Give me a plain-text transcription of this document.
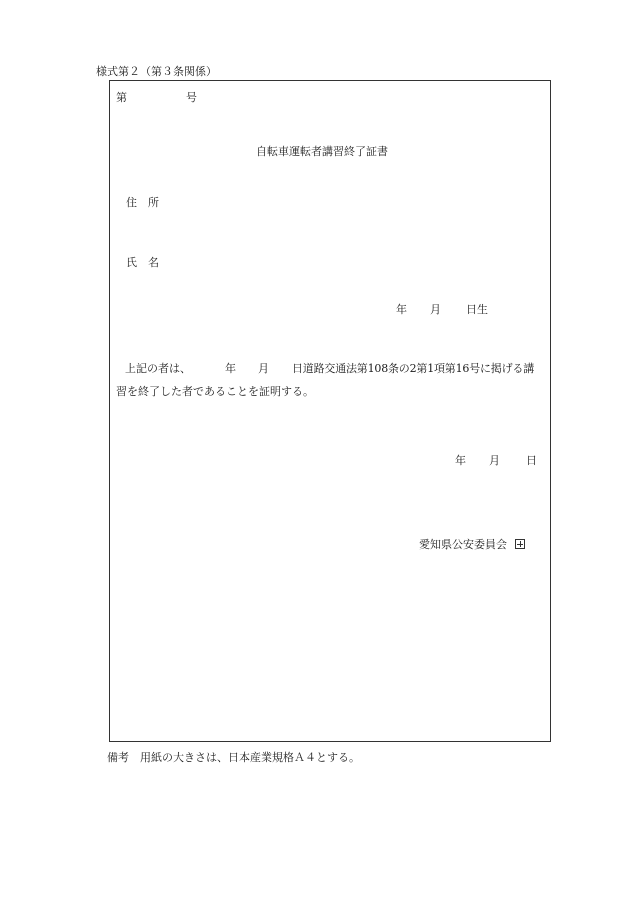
様式第２（第３条関係）
第	号
自転車運転者講習終了証書
住　所
氏　名
年 月 日生
上記の者は、	年 月 日道路交通法第108条の2第1項第16号に掲げる講
習を終了した者であることを証明する。
年 月 日
愛知県公安委員会
備考　用紙の大きさは、日本産業規格Ａ４とする。
